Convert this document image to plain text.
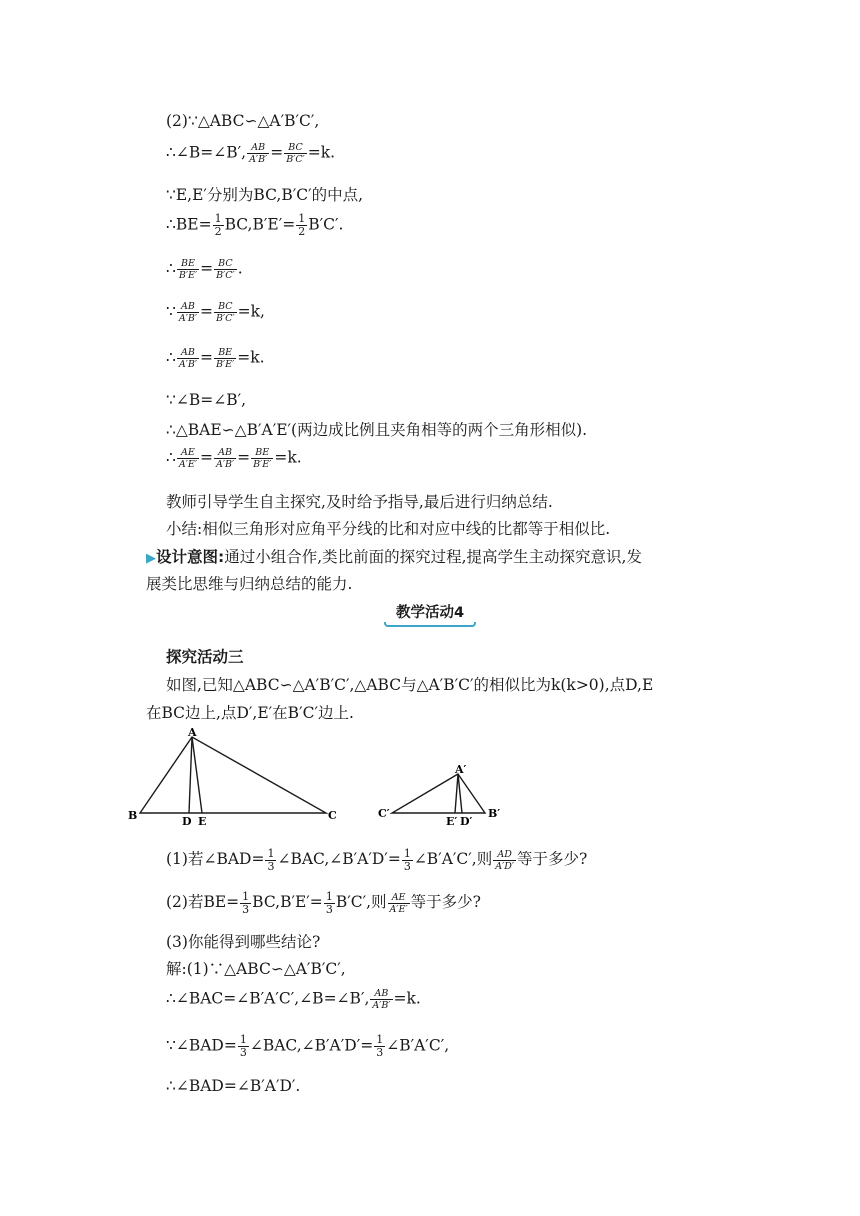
(2)∵△ABC∽△A′B′C′,
∴∠B=∠B′, $\frac{AB}{A'B'} = \frac{BC}{B'C'} =k$.
∵E,E′分别为BC,B′C′的中点,
∴BE= $\frac{1}{2} BC,B'E'= \frac{1}{2} B'C'$.
∴ $\frac{BE}{B'E'} = \frac{BC}{B'C'}$ .
∵ $\frac{AB}{A'B'} = \frac{BC}{B'C'} =k$,
∴ $\frac{AB}{A'B'} = \frac{BE}{B'E'} =k$.
∵∠B=∠B′,
∴△BAE∽△B′A′E′(两边成比例且夹角相等的两个三角形相似).
∴ $\frac{AE}{A'E'} = \frac{AB}{A'B'} = \frac{BE}{B'E'} =k$.
教师引导学生自主探究,及时给予指导,最后进行归纳总结.
小结:相似三角形对应角平分线的比和对应中线的比都等于相似比.
▶设计意图:通过小组合作,类比前面的探究过程,提高学生主动探究意识,发
展类比思维与归纳总结的能力.
教学活动4
探究活动三
如图,已知△ABC∽△A′B′C′,△ABC与△A′B′C′的相似比为k(k>0),点D,E
在BC边上,点D′,E′在B′C′边上.
A
B	C
D E
A′
C′	B′
E′ D′
(1)若∠BAD= $\frac{1}{3}$ ∠BAC,∠B′A′D′= $\frac{1}{3}$ ∠B′A′C′,则 $\frac{AD}{A'D'}$ 等于多少?
(2)若$BE= \frac{1}{3} BC,B'E'= \frac{1}{3} B'C'$,则 $\frac{AE}{A'E'}$ 等于多少?
(3)你能得到哪些结论?
解:(1)∵△ABC∽△A′B′C′,
∴∠BAC=∠B′A′C′,∠B=∠B′, $\frac{AB}{A'B'} =k$.
∵∠BAD= $\frac{1}{3}$ ∠BAC,∠B′A′D′= $\frac{1}{3}$ ∠B′A′C′,
∴∠BAD=∠B′A′D′.
